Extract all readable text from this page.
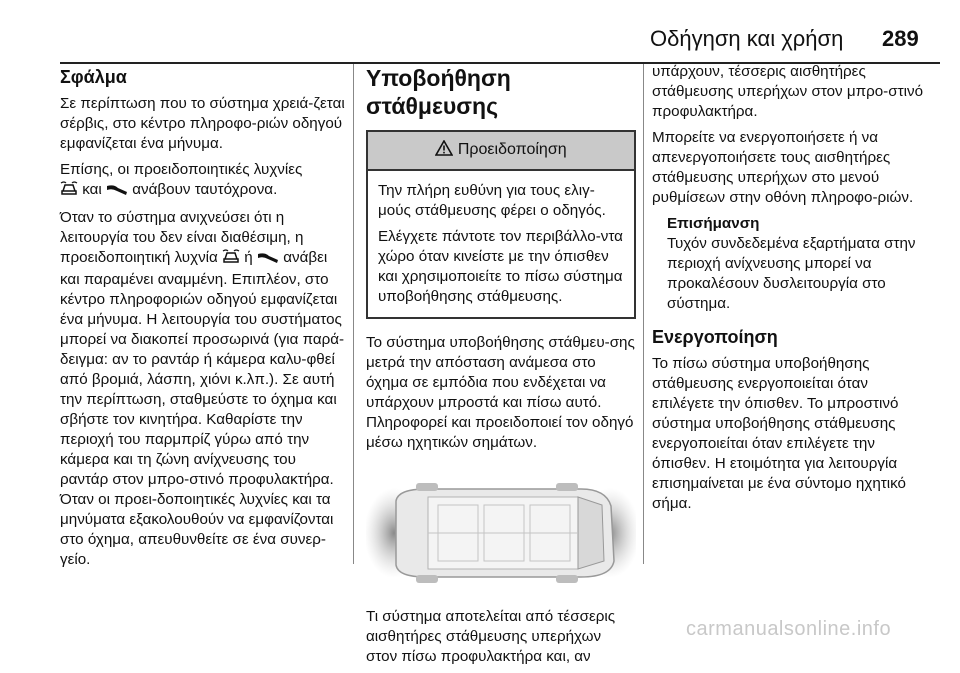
Οδήγηση και χρήση 289
Σφάλμα

Σε περίπτωση που το σύστημα χρειά-ζεται σέρβις, στο κέντρο πληροφο-ριών οδηγού εμφανίζεται ένα μήνυμα.

Επίσης, οι προειδοποιητικές λυχνίες
και ανάβουν ταυτόχρονα.

Όταν το σύστημα ανιχνεύσει ότι η λειτουργία του δεν είναι διαθέσιμη, η προειδοποιητική λυχνία ή ανάβει και παραμένει αναμμένη. Επιπλέον, στο κέντρο πληροφοριών οδηγού εμφανίζεται ένα μήνυμα. Η λειτουργία του συστήματος μπορεί να διακοπεί προσωρινά (για παρά-δειγμα: αν το ραντάρ ή κάμερα καλυ-φθεί από βρομιά, λάσπη, χιόνι κ.λπ.). Σε αυτή την περίπτωση, σταθμεύστε το όχημα και σβήστε τον κινητήρα. Καθαρίστε την περιοχή του παρμπρίζ γύρω από την κάμερα και τη ζώνη ανίχνευσης του ραντάρ στον μπρο-στινό προφυλακτήρα. Όταν οι προει-δοποιητικές λυχνίες και τα μηνύματα εξακολουθούν να εμφανίζονται στο όχημα, απευθυνθείτε σε ένα συνερ-γείο.

Υποβοήθηση στάθμευσης
Προειδοποίηση

Την πλήρη ευθύνη για τους ελιγ-μούς στάθμευσης φέρει ο οδηγός.

Ελέγχετε πάντοτε τον περιβάλλο-ντα χώρο όταν κινείστε με την όπισθεν και χρησιμοποιείτε το πίσω σύστημα υποβοήθησης στάθμευσης.

Το σύστημα υποβοήθησης στάθμευ-σης μετρά την απόσταση ανάμεσα στο όχημα σε εμπόδια που ενδέχεται να υπάρχουν μπροστά και πίσω αυτό. Πληροφορεί και προειδοποιεί τον οδηγό μέσω ηχητικών σημάτων.

Τι σύστημα αποτελείται από τέσσερις αισθητήρες στάθμευσης υπερήχων στον πίσω προφυλακτήρα και, αν

υπάρχουν, τέσσερις αισθητήρες στάθμευσης υπερήχων στον μπρο-στινό προφυλακτήρα.

Μπορείτε να ενεργοποιήσετε ή να απενεργοποιήσετε τους αισθητήρες στάθμευσης υπερήχων στο μενού ρυθμίσεων στην οθόνη πληροφο-ριών.

Επισήμανση
Τυχόν συνδεδεμένα εξαρτήματα στην περιοχή ανίχνευσης μπορεί να προκαλέσουν δυσλειτουργία στο σύστημα.
Ενεργοποίηση

Το πίσω σύστημα υποβοήθησης στάθμευσης ενεργοποιείται όταν επιλέγετε την όπισθεν. Το μπροστινό σύστημα υποβοήθησης στάθμευσης ενεργοποιείται όταν επιλέγετε την όπισθεν. Η ετοιμότητα για λειτουργία επισημαίνεται με ένα σύντομο ηχητικό σήμα.

carmanualsonline.info
